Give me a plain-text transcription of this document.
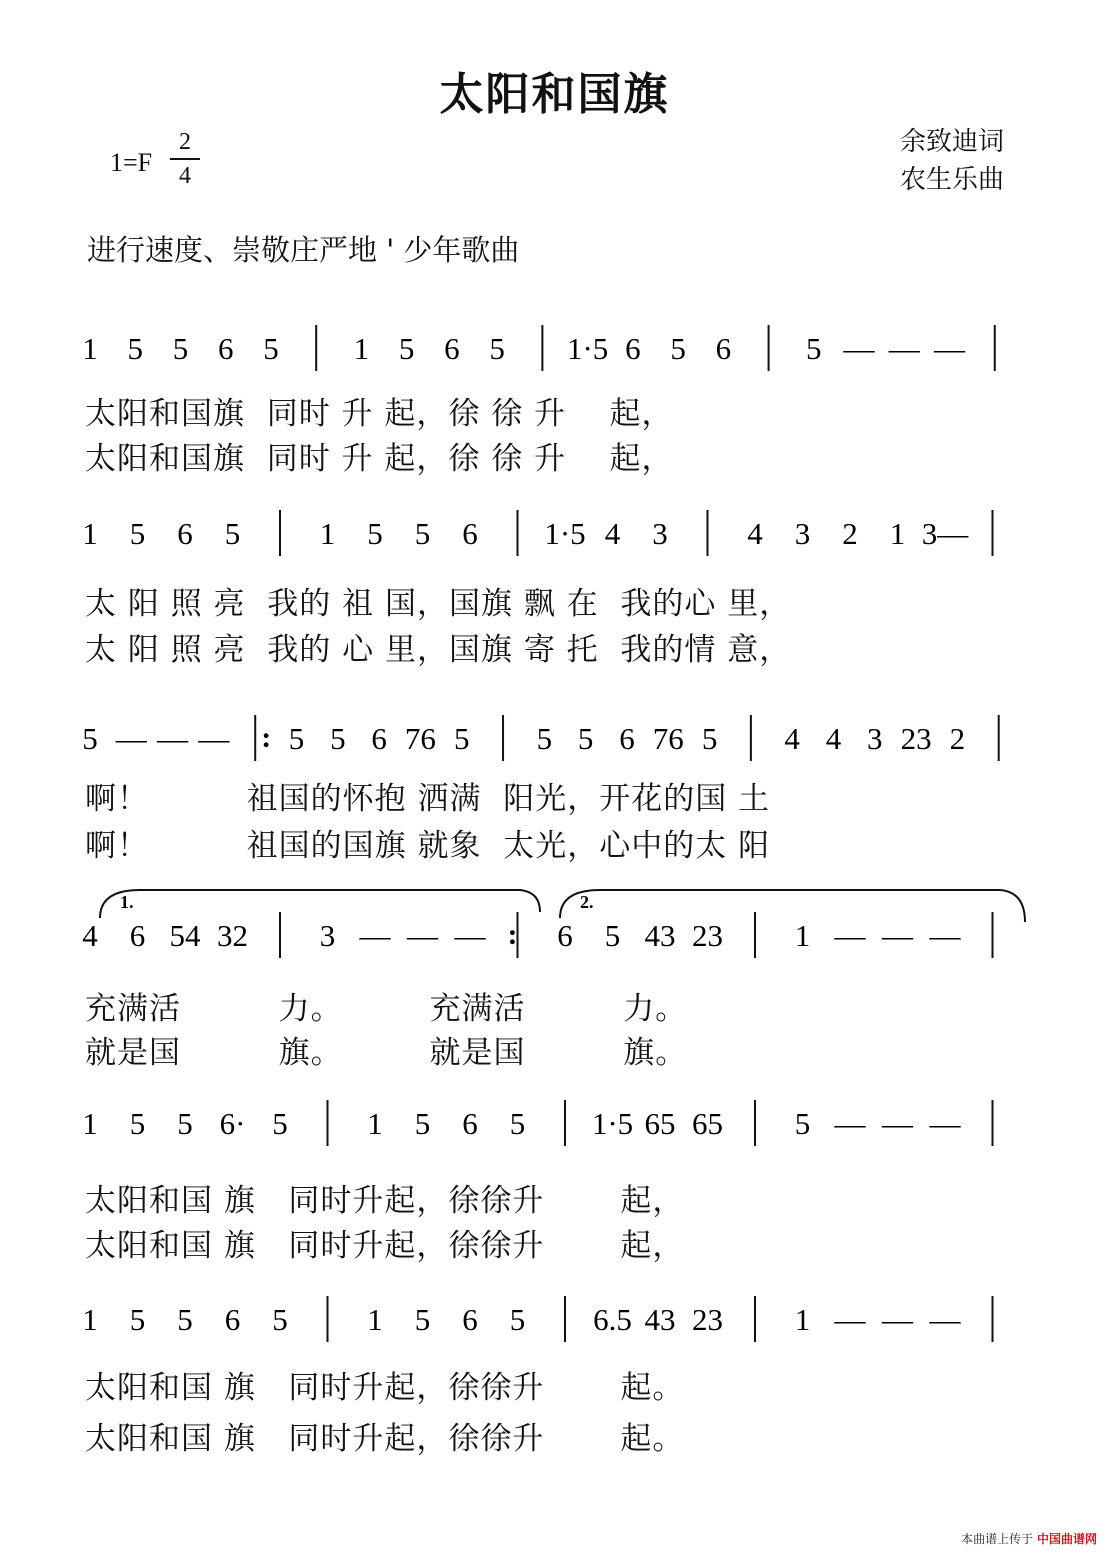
太阳和国旗
$1=F \frac{2}{4}$	余致迪词
农生乐曲
进行速度、崇敬庄严地 ' 少年歌曲
1 5 5 6 5 1 5 6 5 1·5 6 5 6 5 — — —
太阳和国旗  同时 升 起，徐 徐 升    起，
太阳和国旗  同时 升 起，徐 徐 升    起，
1 5 6 5	1 5 5 6 1·5 4 3	4 3 2 1 3—
太 阳 照 亮  我的 祖 国，国旗 飘 在  我的心 里，
太 阳 照 亮  我的 心 里，国旗 寄 托  我的情 意，
5 — — — : 5 5 6 76 5 5 5 6 76 5 4 4 3 23 2
啊！         祖国的怀抱 洒满  阳光，开花的国 土
啊！         祖国的国旗 就象  太光，心中的太 阳
4 6 54 32 3 — — — : 6 5 43 23 1 — — —
1.	2.
充满活         力。        充满活         力。
就是国         旗。        就是国         旗。
1 5 5 6· 5	1 5 6 5 1·5 65 65 5 — — —
太阳和国 旗   同时升起，徐徐升       起，
太阳和国 旗   同时升起，徐徐升       起，
1 5 5 6 5	1 5 6 5 6.5 43 23 1 — — —
太阳和国 旗   同时升起，徐徐升       起。
太阳和国 旗   同时升起，徐徐升       起。
本曲谱上传于 中国曲谱网
